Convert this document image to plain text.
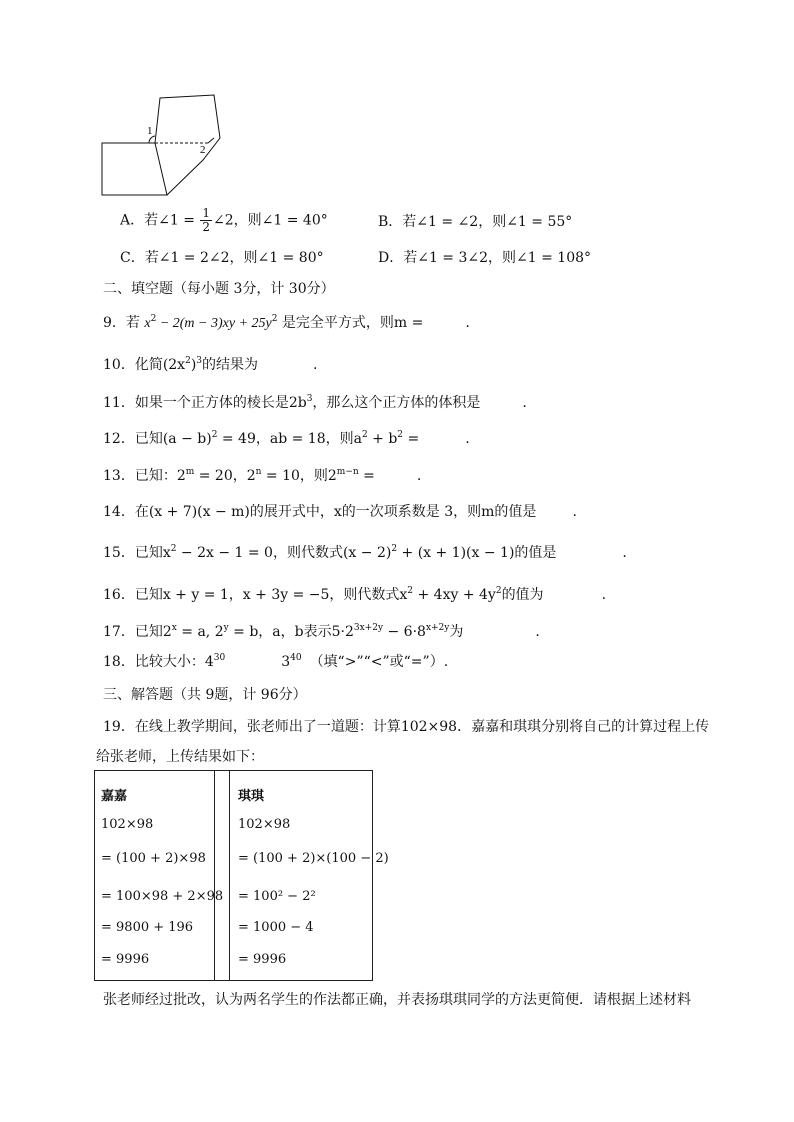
1
2
A．若∠1 = $\frac{1}{2}$ ∠2，则∠1 = 40°	B．若∠1 = ∠2，则∠1 = 55°
C．若∠1 = 2∠2，则∠1 = 80°	D．若∠1 = 3∠2，则∠1 = 108°
二、填空题（每小题 3分，计 30分）
9．若 $x^2 - 2(m - 3)xy + 25y^2$ 是完全平方式，则m =	.
10．化简$(2x^2)^3$的结果为	.
11．如果一个正方体的棱长是$2b^3$，那么这个正方体的体积是	.
12．已知$(a - b)^2 = 49$，ab = 18，则$a^2 + b^2$ =	.
13．已知：$2^m = 20$，$2^n = 10$，则$2^{m-n}$ =	.
14．在(x + 7)(x − m)的展开式中，x的一次项系数是 3，则m的值是	.
15．已知$x^2 - 2x - 1 = 0$，则代数式$(x - 2)^2 + (x + 1)(x - 1)$的值是	.
16．已知x + y = 1，x + 3y = −5，则代数式$x^2 + 4xy + 4y^2$的值为	.
17．已知$2^x = a$, $2^y = b$，a，b表示$5\cdot 2^{3x+2y} - 6\cdot 8^{x+2y}$为	.
18．比较大小：$4^{30}$	$3^{40}$ （填“>”“<”或“=”）.
三、解答题（共 9题，计 96分）
19．在线上教学期间，张老师出了一道题：计算102×98．嘉嘉和琪琪分别将自己的计算过程上传
给张老师，上传结果如下：
嘉嘉
102×98
= (100 + 2)×98
= 100×98 + 2×98
= 9800 + 196
= 9996
琪琪
102×98
= (100 + 2)×(100 − 2)
= 100² − 2²
= 1000 − 4
= 9996
张老师经过批改，认为两名学生的作法都正确，并表扬琪琪同学的方法更简便．请根据上述材料
